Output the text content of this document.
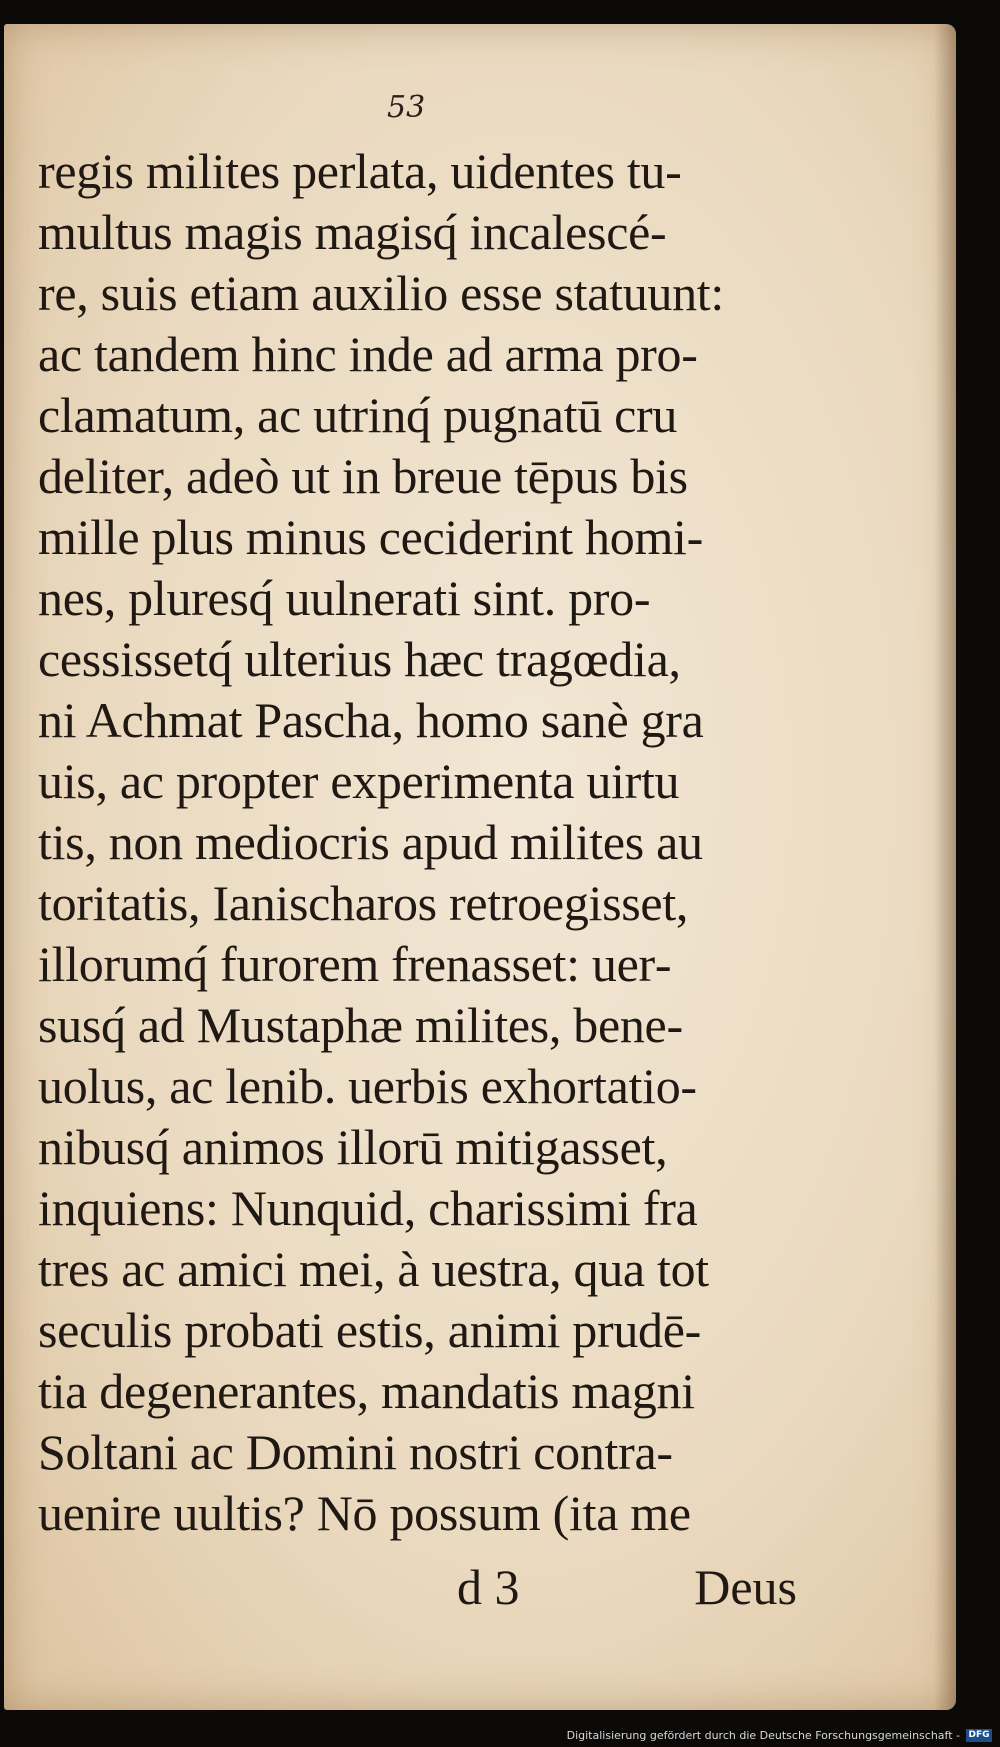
53
regis milites perlata, uidentes tu‐
multus magis magisq́ incalescé‐
re, suis etiam auxilio esse statuunt:
ac tandem hinc inde ad arma pro‐
clamatum, ac utrinq́ pugnatū cru
deliter, adeò ut in breue tēpus bis
mille plus minus ceciderint homi‐
nes, pluresq́ uulnerati sint. pro‐
cessissetq́ ulterius hæc tragœdia,
ni Achmat Pascha, homo sanè gra
uis, ac propter experimenta uirtu
tis, non mediocris apud milites au
toritatis, Ianischaros retroegisset,
illorumq́ furorem frenasset: uer‐
susq́ ad Mustaphæ milites, bene‐
uolus, ac lenib. uerbis exhortatio‐
nibusq́ animos illorū mitigasset,
inquiens: Nunquid, charissimi fra
tres ac amici mei, à uestra, qua tot
seculis probati estis, animi prudē‐
tia degenerantes, mandatis magni
Soltani ac Domini nostri contra‐
uenire uultis? Nō possum (ita me
d 3	Deus
Digitalisierung gefördert durch die Deutsche Forschungsgemeinschaft - DFG
